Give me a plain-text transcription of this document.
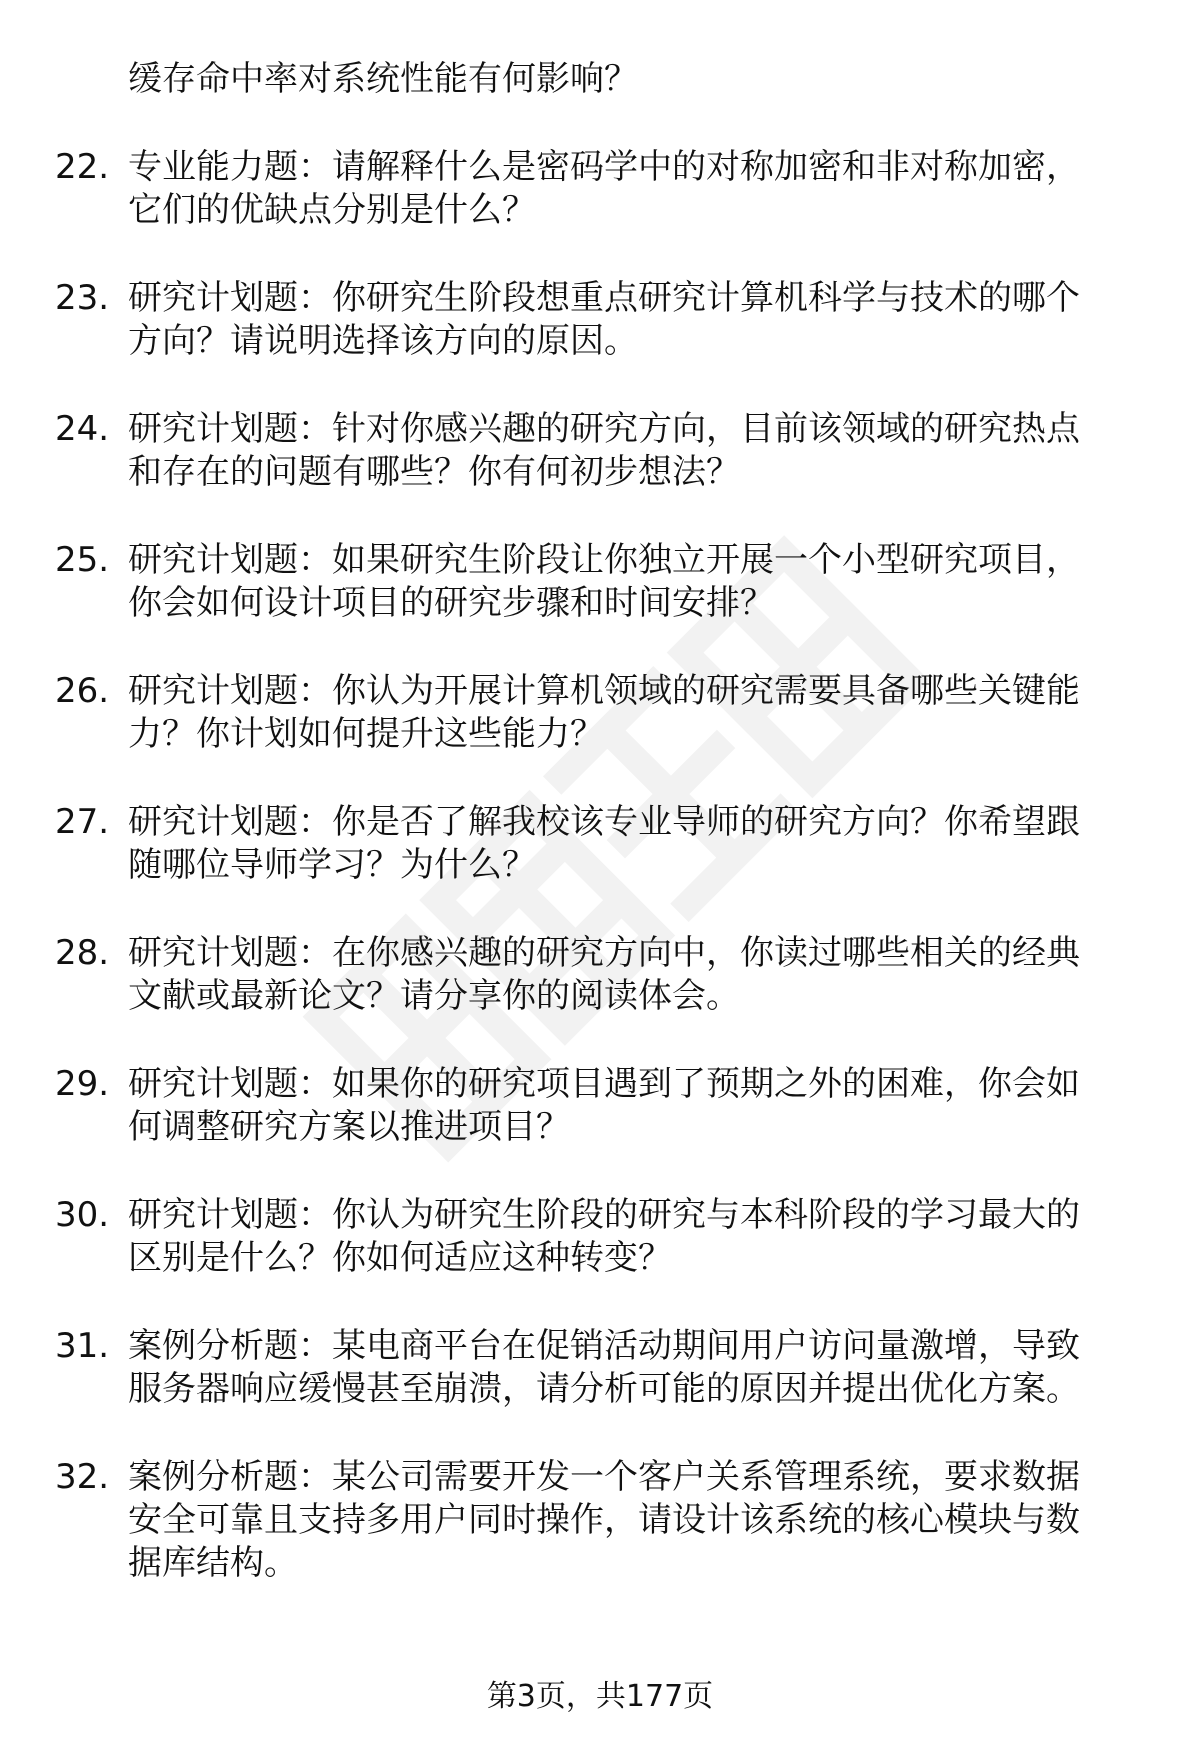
缓存命中率对系统性能有何影响？
22. 专业能力题：请解释什么是密码学中的对称加密和非对称加密，
它们的优缺点分别是什么？
23. 研究计划题：你研究生阶段想重点研究计算机科学与技术的哪个
方向？请说明选择该方向的原因。
24. 研究计划题：针对你感兴趣的研究方向，目前该领域的研究热点
和存在的问题有哪些？你有何初步想法？
25. 研究计划题：如果研究生阶段让你独立开展一个小型研究项目，
你会如何设计项目的研究步骤和时间安排？
26. 研究计划题：你认为开展计算机领域的研究需要具备哪些关键能
力？你计划如何提升这些能力？
27. 研究计划题：你是否了解我校该专业导师的研究方向？你希望跟
随哪位导师学习？为什么？
28. 研究计划题：在你感兴趣的研究方向中，你读过哪些相关的经典
文献或最新论文？请分享你的阅读体会。
29. 研究计划题：如果你的研究项目遇到了预期之外的困难，你会如
何调整研究方案以推进项目？
30. 研究计划题：你认为研究生阶段的研究与本科阶段的学习最大的
区别是什么？你如何适应这种转变？
31. 案例分析题：某电商平台在促销活动期间用户访问量激增，导致
服务器响应缓慢甚至崩溃，请分析可能的原因并提出优化方案。
32. 案例分析题：某公司需要开发一个客户关系管理系统，要求数据
安全可靠且支持多用户同时操作，请设计该系统的核心模块与数
据库结构。
第3页，共177页
